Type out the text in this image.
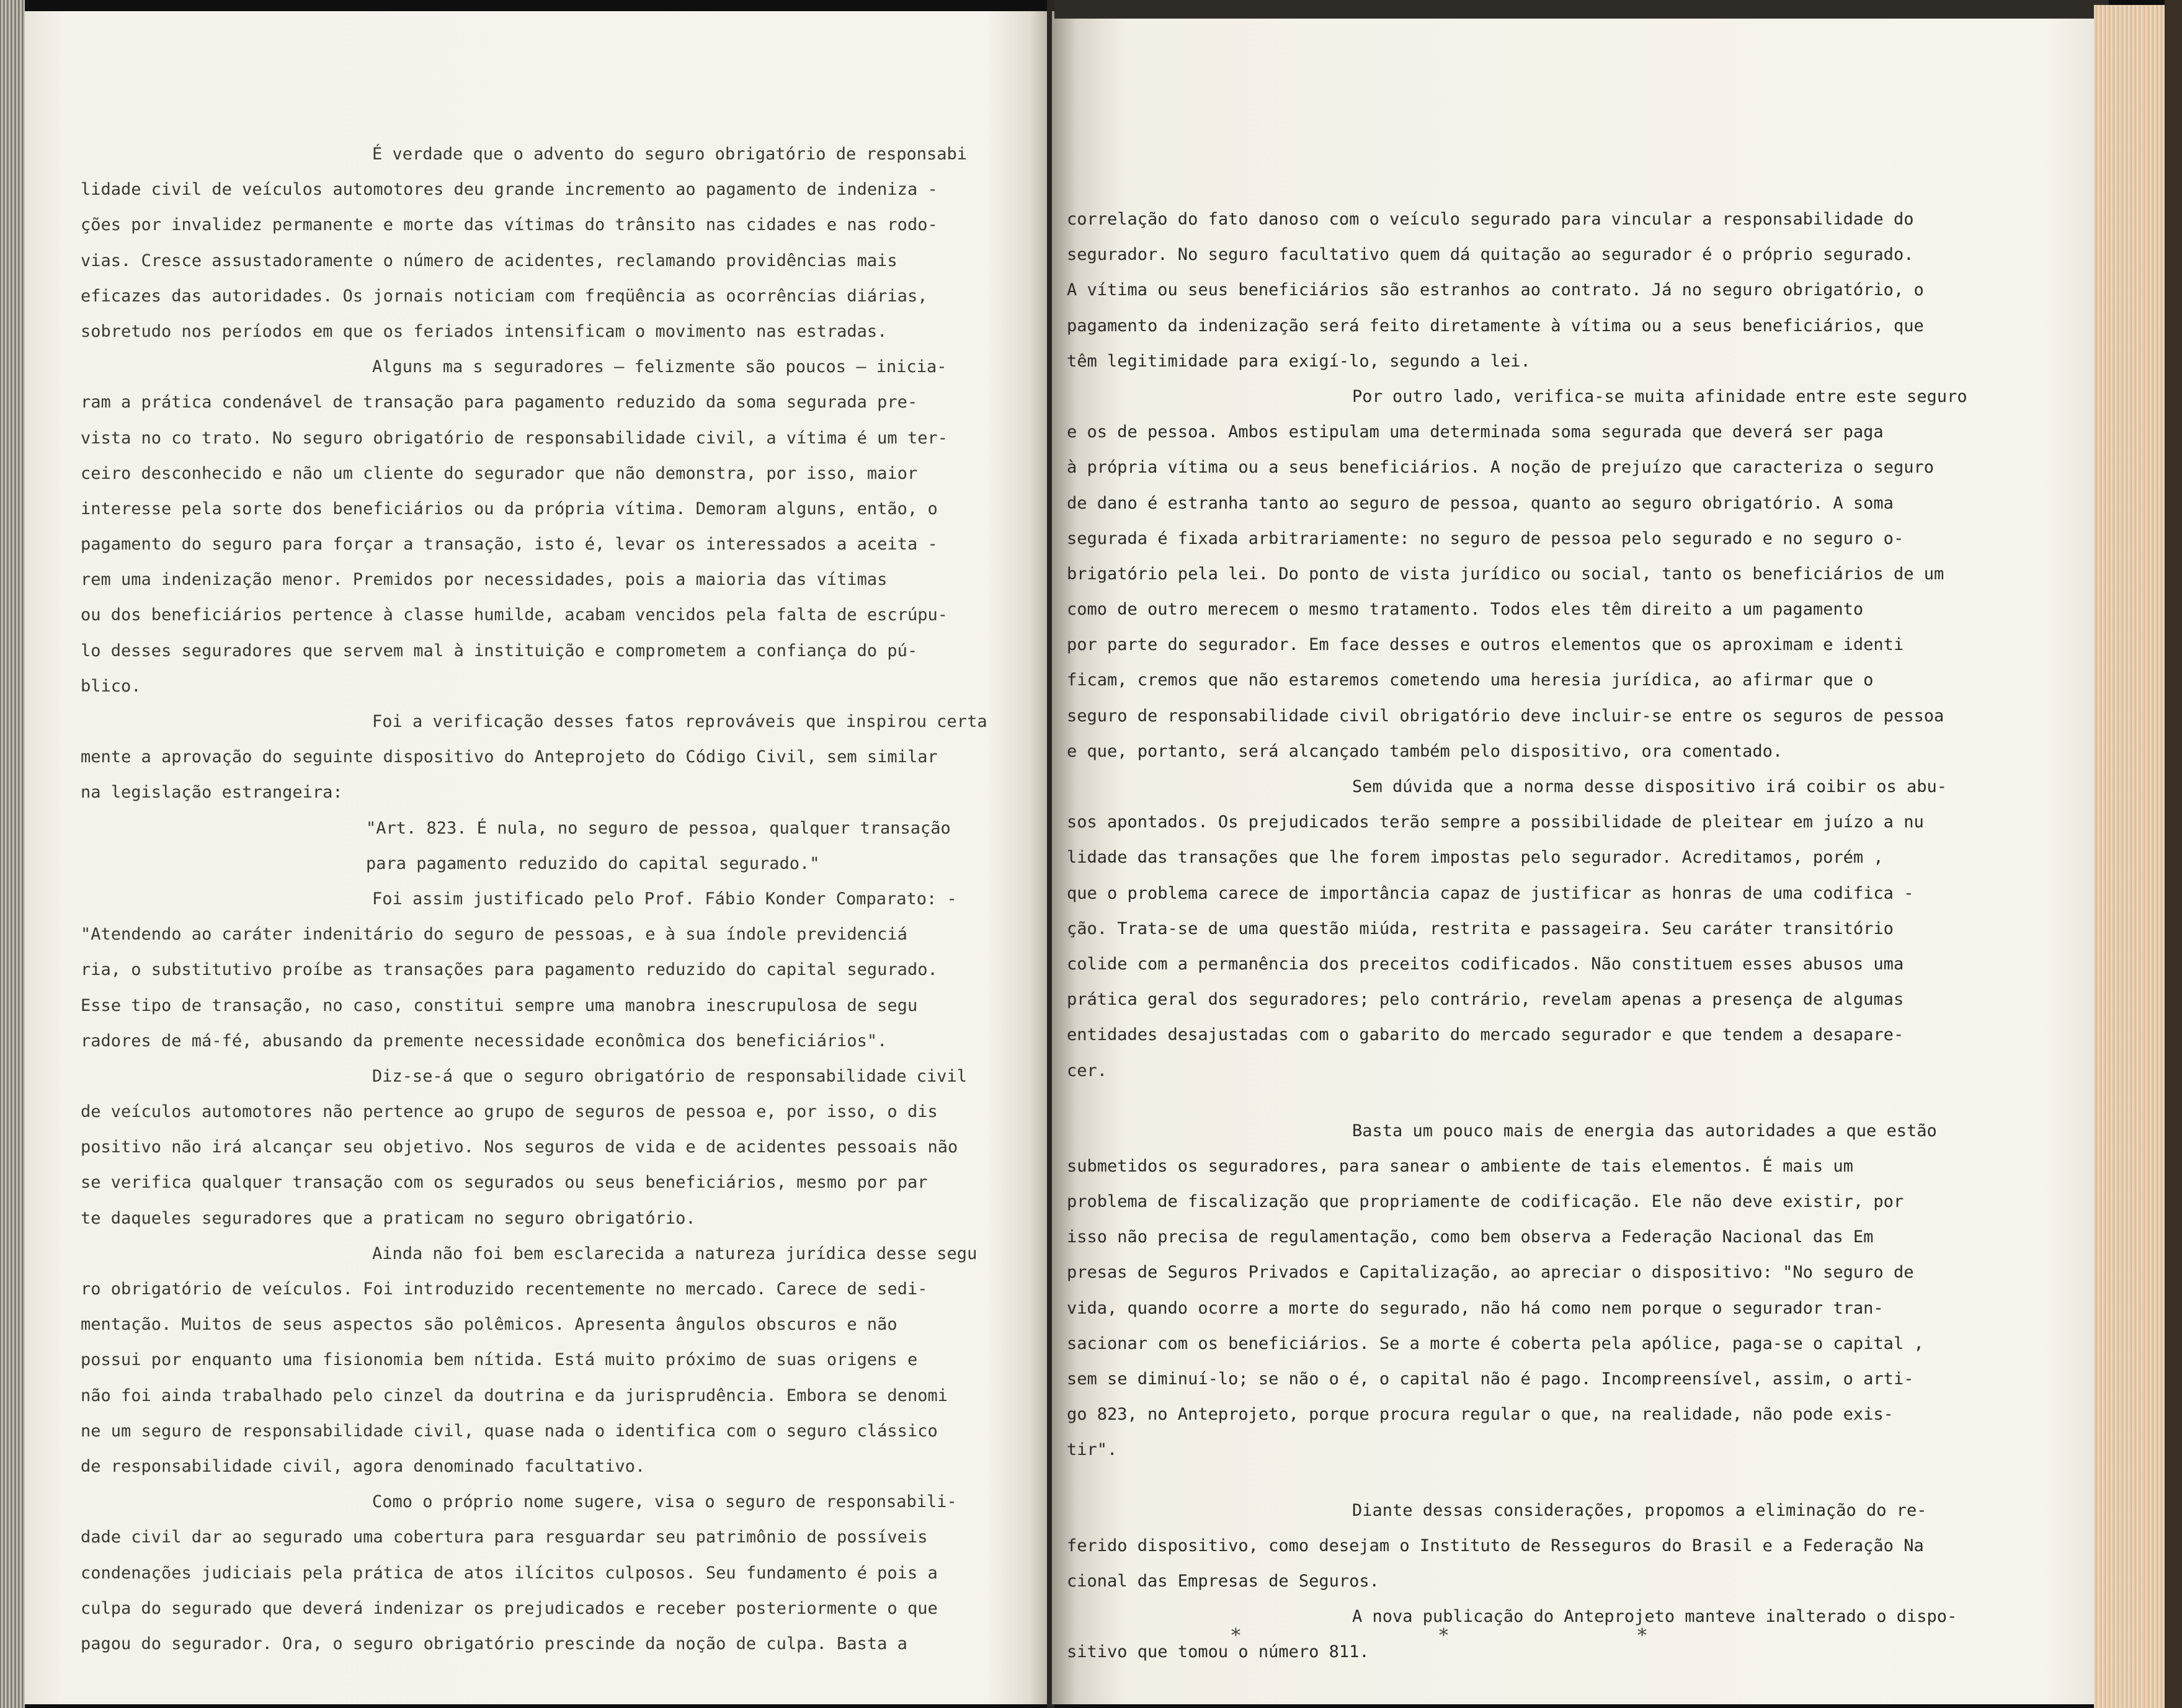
É verdade que o advento do seguro obrigatório de responsabi
lidade civil de veículos automotores deu grande incremento ao pagamento de indeniza -
ções por invalidez permanente e morte das vítimas do trânsito nas cidades e nas rodo-
vias. Cresce assustadoramente o número de acidentes, reclamando providências mais
eficazes das autoridades. Os jornais noticiam com freqüência as ocorrências diárias,
sobretudo nos períodos em que os feriados intensificam o movimento nas estradas.
Alguns ma s seguradores — felizmente são poucos — inicia-
ram a prática condenável de transação para pagamento reduzido da soma segurada pre-
vista no co trato. No seguro obrigatório de responsabilidade civil, a vítima é um ter-
ceiro desconhecido e não um cliente do segurador que não demonstra, por isso, maior
interesse pela sorte dos beneficiários ou da própria vítima. Demoram alguns, então, o
pagamento do seguro para forçar a transação, isto é, levar os interessados a aceita -
rem uma indenização menor. Premidos por necessidades, pois a maioria das vítimas
ou dos beneficiários pertence à classe humilde, acabam vencidos pela falta de escrúpu-
lo desses seguradores que servem mal à instituição e comprometem a confiança do pú-
blico.
Foi a verificação desses fatos reprováveis que inspirou certa
mente a aprovação do seguinte dispositivo do Anteprojeto do Código Civil, sem similar
na legislação estrangeira:
"Art. 823. É nula, no seguro de pessoa, qualquer transação
para pagamento reduzido do capital segurado."
Foi assim justificado pelo Prof. Fábio Konder Comparato: -
"Atendendo ao caráter indenitário do seguro de pessoas, e à sua índole previdenciá
ria, o substitutivo proíbe as transações para pagamento reduzido do capital segurado.
Esse tipo de transação, no caso, constitui sempre uma manobra inescrupulosa de segu
radores de má-fé, abusando da premente necessidade econômica dos beneficiários".
Diz-se-á que o seguro obrigatório de responsabilidade civil
de veículos automotores não pertence ao grupo de seguros de pessoa e, por isso, o dis
positivo não irá alcançar seu objetivo. Nos seguros de vida e de acidentes pessoais não
se verifica qualquer transação com os segurados ou seus beneficiários, mesmo por par
te daqueles seguradores que a praticam no seguro obrigatório.
Ainda não foi bem esclarecida a natureza jurídica desse segu
ro obrigatório de veículos. Foi introduzido recentemente no mercado. Carece de sedi-
mentação. Muitos de seus aspectos são polêmicos. Apresenta ângulos obscuros e não
possui por enquanto uma fisionomia bem nítida. Está muito próximo de suas origens e
não foi ainda trabalhado pelo cinzel da doutrina e da jurisprudência. Embora se denomi
ne um seguro de responsabilidade civil, quase nada o identifica com o seguro clássico
de responsabilidade civil, agora denominado facultativo.
Como o próprio nome sugere, visa o seguro de responsabili-
dade civil dar ao segurado uma cobertura para resguardar seu patrimônio de possíveis
condenações judiciais pela prática de atos ilícitos culposos. Seu fundamento é pois a
culpa do segurado que deverá indenizar os prejudicados e receber posteriormente o que
pagou do segurador. Ora, o seguro obrigatório prescinde da noção de culpa. Basta a
correlação do fato danoso com o veículo segurado para vincular a responsabilidade do
segurador. No seguro facultativo quem dá quitação ao segurador é o próprio segurado.
A vítima ou seus beneficiários são estranhos ao contrato. Já no seguro obrigatório, o
pagamento da indenização será feito diretamente à vítima ou a seus beneficiários, que
têm legitimidade para exigí-lo, segundo a lei.
Por outro lado, verifica-se muita afinidade entre este seguro
e os de pessoa. Ambos estipulam uma determinada soma segurada que deverá ser paga
à própria vítima ou a seus beneficiários. A noção de prejuízo que caracteriza o seguro
de dano é estranha tanto ao seguro de pessoa, quanto ao seguro obrigatório. A soma
segurada é fixada arbitrariamente: no seguro de pessoa pelo segurado e no seguro o-
brigatório pela lei. Do ponto de vista jurídico ou social, tanto os beneficiários de um
como de outro merecem o mesmo tratamento. Todos eles têm direito a um pagamento
por parte do segurador. Em face desses e outros elementos que os aproximam e identi
ficam, cremos que não estaremos cometendo uma heresia jurídica, ao afirmar que o
seguro de responsabilidade civil obrigatório deve incluir-se entre os seguros de pessoa
e que, portanto, será alcançado também pelo dispositivo, ora comentado.
Sem dúvida que a norma desse dispositivo irá coibir os abu-
sos apontados. Os prejudicados terão sempre a possibilidade de pleitear em juízo a nu
lidade das transações que lhe forem impostas pelo segurador. Acreditamos, porém ,
que o problema carece de importância capaz de justificar as honras de uma codifica -
ção. Trata-se de uma questão miúda, restrita e passageira. Seu caráter transitório
colide com a permanência dos preceitos codificados. Não constituem esses abusos uma
prática geral dos seguradores; pelo contrário, revelam apenas a presença de algumas
entidades desajustadas com o gabarito do mercado segurador e que tendem a desapare-
cer.
Basta um pouco mais de energia das autoridades a que estão
submetidos os seguradores, para sanear o ambiente de tais elementos. É mais um
problema de fiscalização que propriamente de codificação. Ele não deve existir, por
isso não precisa de regulamentação, como bem observa a Federação Nacional das Em
presas de Seguros Privados e Capitalização, ao apreciar o dispositivo: "No seguro de
vida, quando ocorre a morte do segurado, não há como nem porque o segurador tran-
sacionar com os beneficiários. Se a morte é coberta pela apólice, paga-se o capital ,
sem se diminuí-lo; se não o é, o capital não é pago. Incompreensível, assim, o arti-
go 823, no Anteprojeto, porque procura regular o que, na realidade, não pode exis-
tir".
Diante dessas considerações, propomos a eliminação do re-
ferido dispositivo, como desejam o Instituto de Resseguros do Brasil e a Federação Na
cional das Empresas de Seguros.
A nova publicação do Anteprojeto manteve inalterado o dispo-
sitivo que tomou o número 811.
*	*	*
